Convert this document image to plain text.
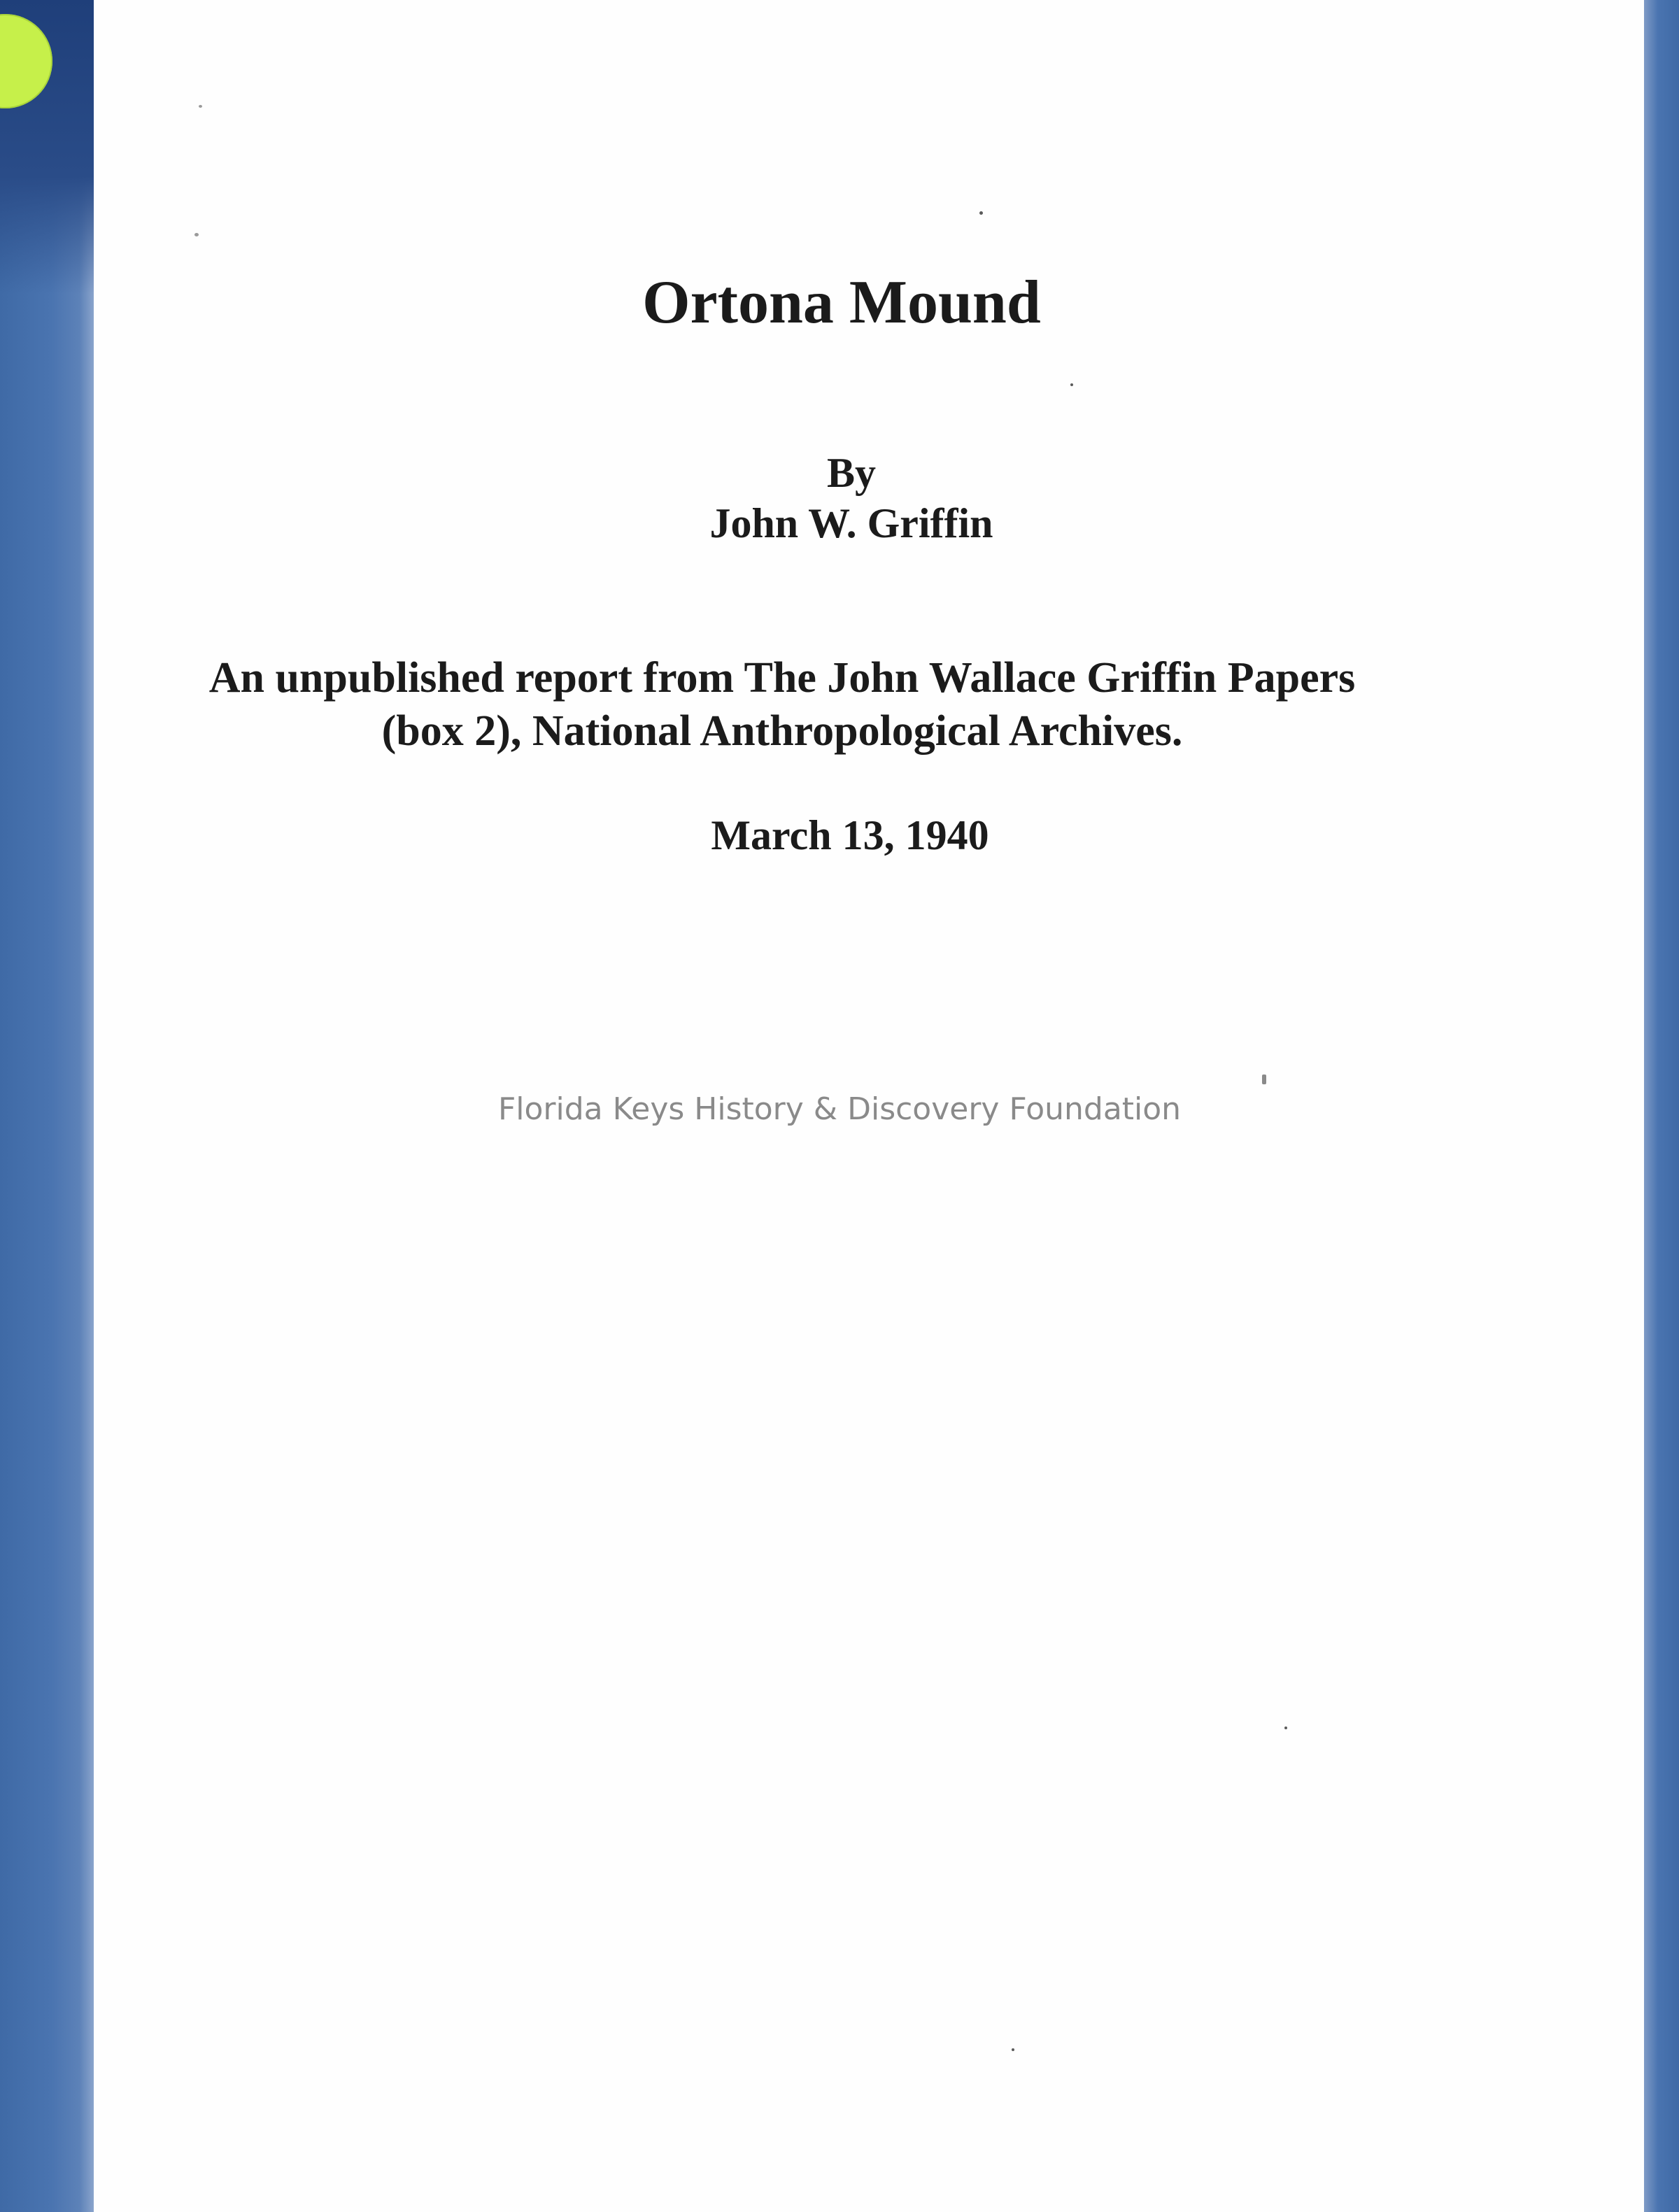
Ortona Mound
By
John W. Griffin
An unpublished report from The John Wallace Griffin Papers
(box 2), National Anthropological Archives.
March 13, 1940
Florida Keys History & Discovery Foundation
